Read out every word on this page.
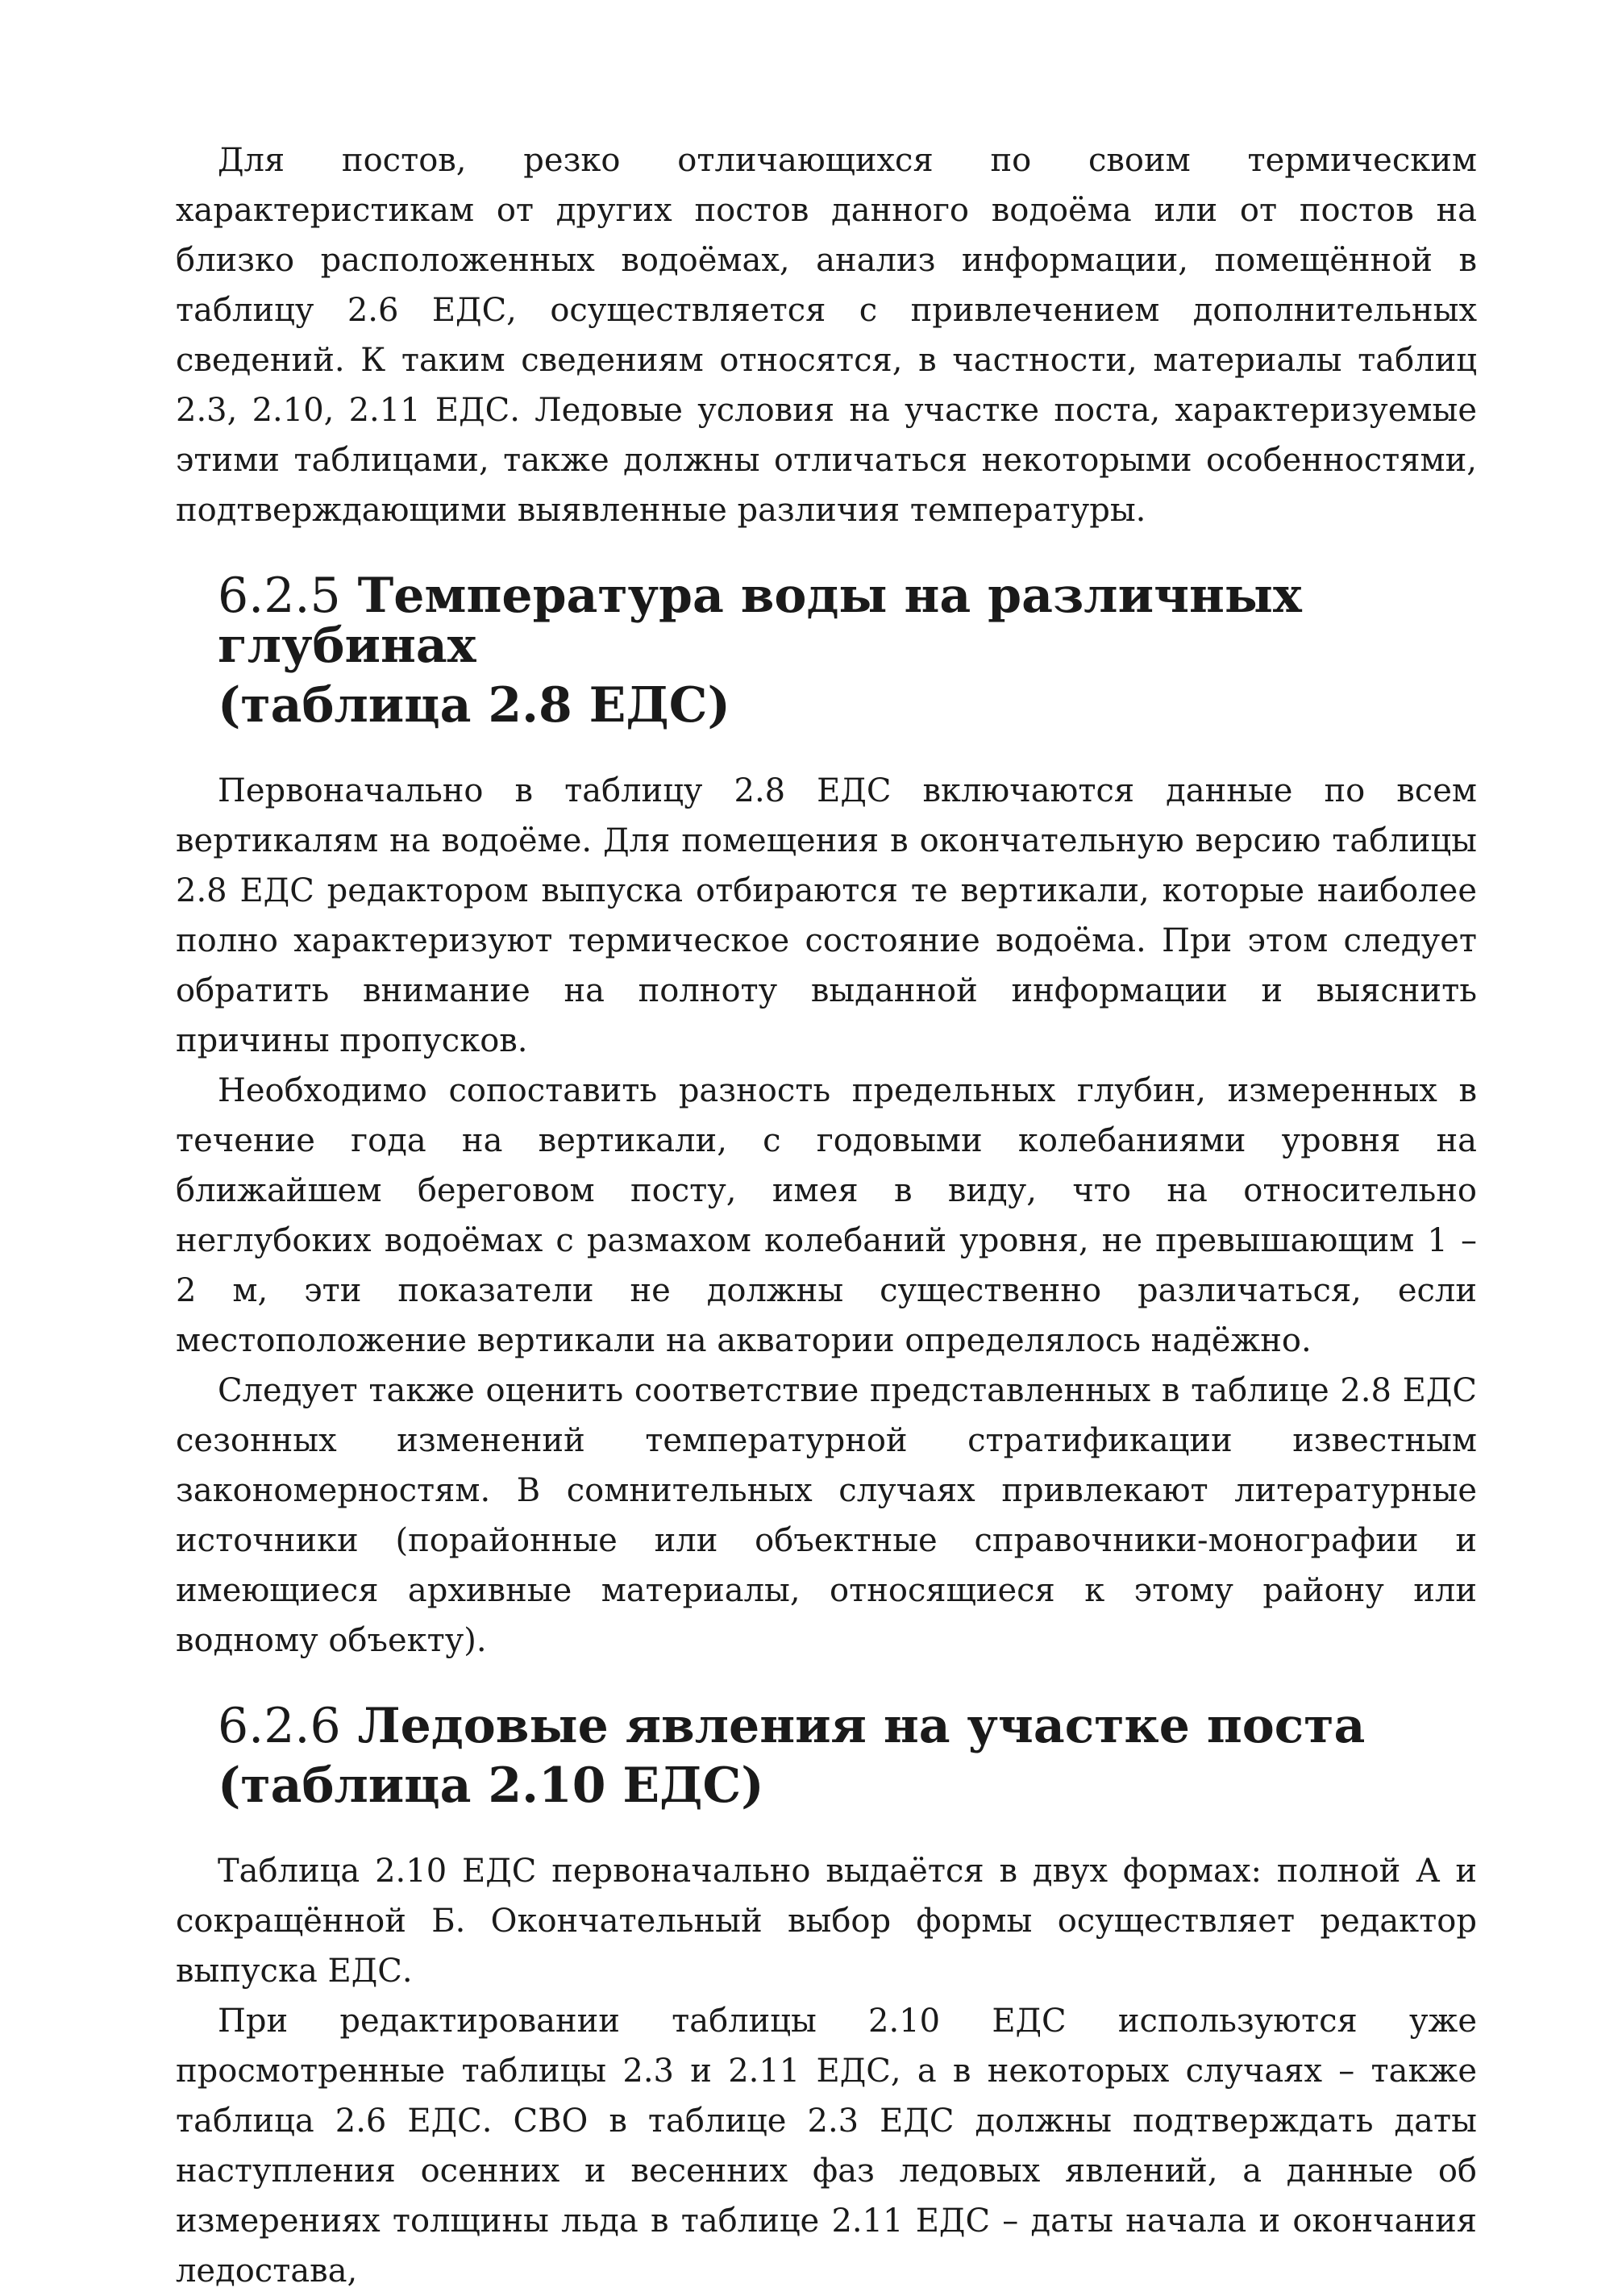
Для постов, резко отличающихся по своим термическим характеристикам от других постов данного водоёма или от постов на близко расположенных водоёмах, анализ информации, помещённой в таблицу 2.6 ЕДС, осуществляется с привлечением дополнительных сведений. К таким сведениям относятся, в частности, материалы таблиц 2.3, 2.10, 2.11 ЕДС. Ледовые условия на участке поста, характеризуемые этими таблицами, также должны отличаться некоторыми особенностями, подтверждающими выявленные различия температуры.

6.2.5 Температура воды на различных глубинах
(таблица 2.8 ЕДС)

Первоначально в таблицу 2.8 ЕДС включаются данные по всем вертикалям на водоёме. Для помещения в окончательную версию таблицы 2.8 ЕДС редактором выпуска отбираются те вертикали, которые наиболее полно характеризуют термическое состояние водоёма. При этом следует обратить внимание на полноту выданной информации и выяснить причины пропусков.

Необходимо сопоставить разность предельных глубин, измеренных в течение года на вертикали, с годовыми колебаниями уровня на ближайшем береговом посту, имея в виду, что на относительно неглубоких водоёмах с размахом колебаний уровня, не превышающим 1 – 2 м, эти показатели не должны существенно различаться, если местоположение вертикали на акватории определялось надёжно.

Следует также оценить соответствие представленных в таблице 2.8 ЕДС сезонных изменений температурной стратификации известным закономерностям. В сомнительных случаях привлекают литературные источники (порайонные или объектные справочники-монографии и имеющиеся архивные материалы, относящиеся к этому району или водному объекту).

6.2.6 Ледовые явления на участке поста
(таблица 2.10 ЕДС)

Таблица 2.10 ЕДС первоначально выдаётся в двух формах: полной А и сокращённой Б. Окончательный выбор формы осуществляет редактор выпуска ЕДС.

При редактировании таблицы 2.10 ЕДС используются уже просмотренные таблицы 2.3 и 2.11 ЕДС, а в некоторых случаях – также таблица 2.6 ЕДС. СВО в таблице 2.3 ЕДС должны подтверждать даты наступления осенних и весенних фаз ледовых явлений, а данные об измерениях толщины льда в таблице 2.11 ЕДС – даты начала и окончания ледостава,
